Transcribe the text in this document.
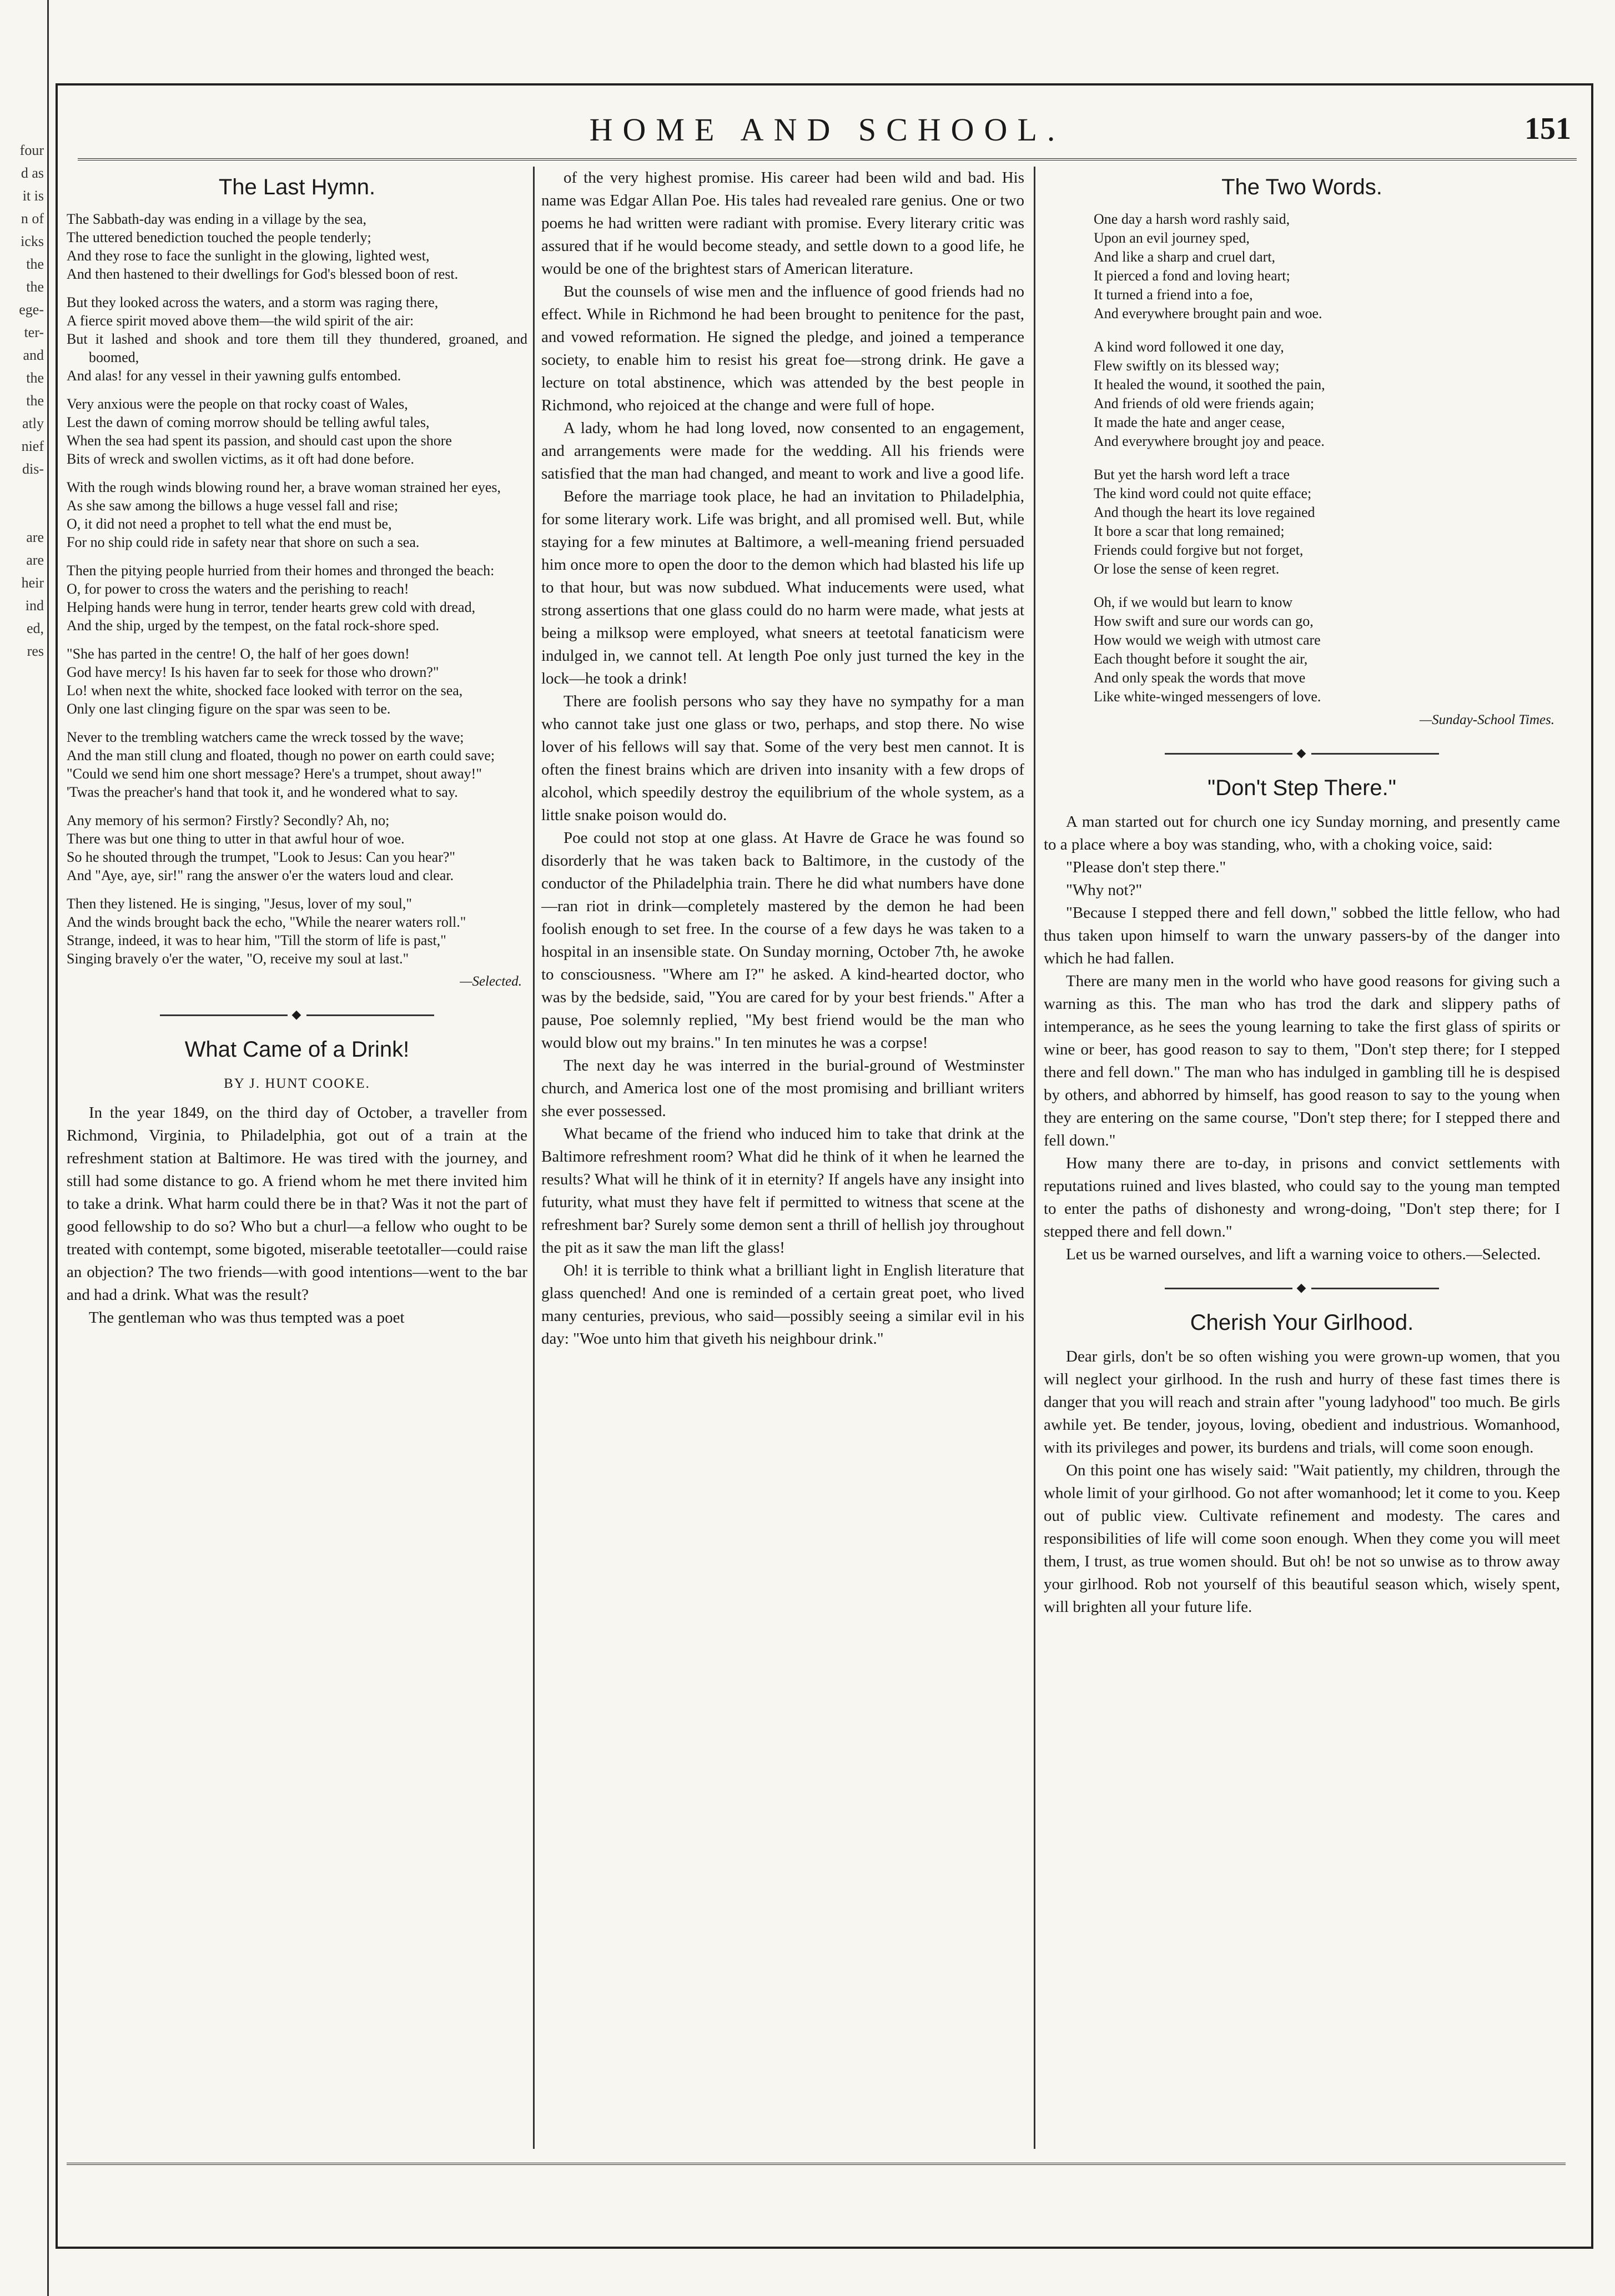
four
d as
it is
n of
icks
the
the
ege-
ter-
and
the
the
atly
nief
dis-
are
are
heir
ind
ed,
res
HOME AND SCHOOL.	151
The Last Hymn.
The Sabbath-day was ending in a village by the sea,
The uttered benediction touched the people tenderly;
And they rose to face the sunlight in the glowing, lighted west,
And then hastened to their dwellings for God's blessed boon of rest.
But they looked across the waters, and a storm was raging there,
A fierce spirit moved above them—the wild spirit of the air:
But it lashed and shook and tore them till they thundered, groaned, and boomed,
And alas! for any vessel in their yawning gulfs entombed.
Very anxious were the people on that rocky coast of Wales,
Lest the dawn of coming morrow should be telling awful tales,
When the sea had spent its passion, and should cast upon the shore
Bits of wreck and swollen victims, as it oft had done before.
With the rough winds blowing round her, a brave woman strained her eyes,
As she saw among the billows a huge vessel fall and rise;
O, it did not need a prophet to tell what the end must be,
For no ship could ride in safety near that shore on such a sea.
Then the pitying people hurried from their homes and thronged the beach:
O, for power to cross the waters and the perishing to reach!
Helping hands were hung in terror, tender hearts grew cold with dread,
And the ship, urged by the tempest, on the fatal rock-shore sped.
"She has parted in the centre! O, the half of her goes down!
God have mercy! Is his haven far to seek for those who drown?"
Lo! when next the white, shocked face looked with terror on the sea,
Only one last clinging figure on the spar was seen to be.
Never to the trembling watchers came the wreck tossed by the wave;
And the man still clung and floated, though no power on earth could save;
"Could we send him one short message? Here's a trumpet, shout away!"
'Twas the preacher's hand that took it, and he wondered what to say.
Any memory of his sermon? Firstly? Secondly? Ah, no;
There was but one thing to utter in that awful hour of woe.
So he shouted through the trumpet, "Look to Jesus: Can you hear?"
And "Aye, aye, sir!" rang the answer o'er the waters loud and clear.
Then they listened. He is singing, "Jesus, lover of my soul,"
And the winds brought back the echo, "While the nearer waters roll."
Strange, indeed, it was to hear him, "Till the storm of life is past,"
Singing bravely o'er the water, "O, receive my soul at last."
—Selected.
◆
What Came of a Drink!
BY J. HUNT COOKE.

In the year 1849, on the third day of October, a traveller from Richmond, Virginia, to Philadelphia, got out of a train at the refreshment station at Baltimore. He was tired with the journey, and still had some distance to go. A friend whom he met there invited him to take a drink. What harm could there be in that? Was it not the part of good fellowship to do so? Who but a churl—a fellow who ought to be treated with contempt, some bigoted, miserable teetotaller—could raise an objection? The two friends—with good intentions—went to the bar and had a drink. What was the result?

The gentleman who was thus tempted was a poet

of the very highest promise. His career had been wild and bad. His name was Edgar Allan Poe. His tales had revealed rare genius. One or two poems he had written were radiant with promise. Every literary critic was assured that if he would become steady, and settle down to a good life, he would be one of the brightest stars of American literature.

But the counsels of wise men and the influence of good friends had no effect. While in Richmond he had been brought to penitence for the past, and vowed reformation. He signed the pledge, and joined a temperance society, to enable him to resist his great foe—strong drink. He gave a lecture on total abstinence, which was attended by the best people in Richmond, who rejoiced at the change and were full of hope.

A lady, whom he had long loved, now consented to an engagement, and arrangements were made for the wedding. All his friends were satisfied that the man had changed, and meant to work and live a good life.

Before the marriage took place, he had an invitation to Philadelphia, for some literary work. Life was bright, and all promised well. But, while staying for a few minutes at Baltimore, a well-meaning friend persuaded him once more to open the door to the demon which had blasted his life up to that hour, but was now subdued. What inducements were used, what strong assertions that one glass could do no harm were made, what jests at being a milksop were employed, what sneers at teetotal fanaticism were indulged in, we cannot tell. At length Poe only just turned the key in the lock—he took a drink!

There are foolish persons who say they have no sympathy for a man who cannot take just one glass or two, perhaps, and stop there. No wise lover of his fellows will say that. Some of the very best men cannot. It is often the finest brains which are driven into insanity with a few drops of alcohol, which speedily destroy the equilibrium of the whole system, as a little snake poison would do.

Poe could not stop at one glass. At Havre de Grace he was found so disorderly that he was taken back to Baltimore, in the custody of the conductor of the Philadelphia train. There he did what numbers have done—ran riot in drink—completely mastered by the demon he had been foolish enough to set free. In the course of a few days he was taken to a hospital in an insensible state. On Sunday morning, October 7th, he awoke to consciousness. "Where am I?" he asked. A kind-hearted doctor, who was by the bedside, said, "You are cared for by your best friends." After a pause, Poe solemnly replied, "My best friend would be the man who would blow out my brains." In ten minutes he was a corpse!

The next day he was interred in the burial-ground of Westminster church, and America lost one of the most promising and brilliant writers she ever possessed.

What became of the friend who induced him to take that drink at the Baltimore refreshment room? What did he think of it when he learned the results? What will he think of it in eternity? If angels have any insight into futurity, what must they have felt if permitted to witness that scene at the refreshment bar? Surely some demon sent a thrill of hellish joy throughout the pit as it saw the man lift the glass!

Oh! it is terrible to think what a brilliant light in English literature that glass quenched! And one is reminded of a certain great poet, who lived many centuries, previous, who said—possibly seeing a similar evil in his day: "Woe unto him that giveth his neighbour drink."

The Two Words.
One day a harsh word rashly said,
Upon an evil journey sped,
And like a sharp and cruel dart,
It pierced a fond and loving heart;
It turned a friend into a foe,
And everywhere brought pain and woe.
A kind word followed it one day,
Flew swiftly on its blessed way;
It healed the wound, it soothed the pain,
And friends of old were friends again;
It made the hate and anger cease,
And everywhere brought joy and peace.
But yet the harsh word left a trace
The kind word could not quite efface;
And though the heart its love regained
It bore a scar that long remained;
Friends could forgive but not forget,
Or lose the sense of keen regret.
Oh, if we would but learn to know
How swift and sure our words can go,
How would we weigh with utmost care
Each thought before it sought the air,
And only speak the words that move
Like white-winged messengers of love.
—Sunday-School Times.
◆
"Don't Step There."

A man started out for church one icy Sunday morning, and presently came to a place where a boy was standing, who, with a choking voice, said:

"Please don't step there."

"Why not?"

"Because I stepped there and fell down," sobbed the little fellow, who had thus taken upon himself to warn the unwary passers-by of the danger into which he had fallen.

There are many men in the world who have good reasons for giving such a warning as this. The man who has trod the dark and slippery paths of intemperance, as he sees the young learning to take the first glass of spirits or wine or beer, has good reason to say to them, "Don't step there; for I stepped there and fell down." The man who has indulged in gambling till he is despised by others, and abhorred by himself, has good reason to say to the young when they are entering on the same course, "Don't step there; for I stepped there and fell down."

How many there are to-day, in prisons and convict settlements with reputations ruined and lives blasted, who could say to the young man tempted to enter the paths of dishonesty and wrong-doing, "Don't step there; for I stepped there and fell down."

Let us be warned ourselves, and lift a warning voice to others.—Selected.

◆
Cherish Your Girlhood.

Dear girls, don't be so often wishing you were grown-up women, that you will neglect your girlhood. In the rush and hurry of these fast times there is danger that you will reach and strain after "young ladyhood" too much. Be girls awhile yet. Be tender, joyous, loving, obedient and industrious. Womanhood, with its privileges and power, its burdens and trials, will come soon enough.

On this point one has wisely said: "Wait patiently, my children, through the whole limit of your girlhood. Go not after womanhood; let it come to you. Keep out of public view. Cultivate refinement and modesty. The cares and responsibilities of life will come soon enough. When they come you will meet them, I trust, as true women should. But oh! be not so unwise as to throw away your girlhood. Rob not yourself of this beautiful season which, wisely spent, will brighten all your future life.
